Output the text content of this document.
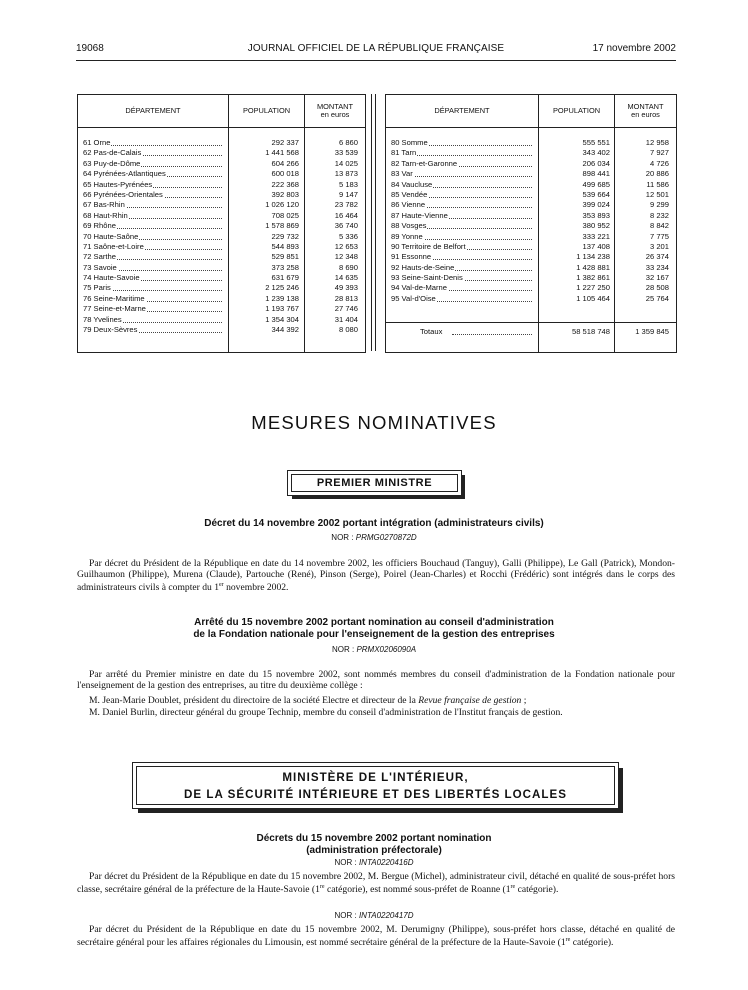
19068	JOURNAL OFFICIEL DE LA RÉPUBLIQUE FRANÇAISE	17 novembre 2002
DÉPARTEMENT	POPULATION	MONTANT
en euros
61 Orne	292 337	6 860
62 Pas-de-Calais	1 441 568	33 539
63 Puy-de-Dôme	604 266	14 025
64 Pyrénées-Atlantiques	600 018	13 873
65 Hautes-Pyrénées	222 368	5 183
66 Pyrénées-Orientales	392 803	9 147
67 Bas-Rhin	1 026 120	23 782
68 Haut-Rhin	708 025	16 464
69 Rhône	1 578 869	36 740
70 Haute-Saône	229 732	5 336
71 Saône-et-Loire	544 893	12 653
72 Sarthe	529 851	12 348
73 Savoie	373 258	8 690
74 Haute-Savoie	631 679	14 635
75 Paris	2 125 246	49 393
76 Seine-Maritime	1 239 138	28 813
77 Seine-et-Marne	1 193 767	27 746
78 Yvelines	1 354 304	31 404
79 Deux-Sèvres	344 392	8 080
DÉPARTEMENT	POPULATION	MONTANT
en euros
80 Somme	555 551	12 958
81 Tarn	343 402	7 927
82 Tarn-et-Garonne	206 034	4 726
83 Var	898 441	20 886
84 Vaucluse	499 685	11 586
85 Vendée	539 664	12 501
86 Vienne	399 024	9 299
87 Haute-Vienne	353 893	8 232
88 Vosges	380 952	8 842
89 Yonne	333 221	7 775
90 Territoire de Belfort	137 408	3 201
91 Essonne	1 134 238	26 374
92 Hauts-de-Seine	1 428 881	33 234
93 Seine-Saint-Denis	1 382 861	32 167
94 Val-de-Marne	1 227 250	28 508
95 Val-d'Oise	1 105 464	25 764
Totaux	58 518 748	1 359 845
MESURES NOMINATIVES
PREMIER MINISTRE
Décret du 14 novembre 2002 portant intégration (administrateurs civils)
NOR : PRMG0270872D
Par décret du Président de la République en date du 14 novembre 2002, les officiers Bouchaud (Tanguy), Galli (Philippe), Le Gall (Patrick), Mondon-Guilhaumon (Philippe), Murena (Claude), Partouche (René), Pinson (Serge), Poirel (Jean-Charles) et Rocchi (Frédéric) sont intégrés dans le corps des administrateurs civils à compter du 1er novembre 2002.
Arrêté du 15 novembre 2002 portant nomination au conseil d'administration
de la Fondation nationale pour l'enseignement de la gestion des entreprises
NOR : PRMX0206090A
Par arrêté du Premier ministre en date du 15 novembre 2002, sont nommés membres du conseil d'administration de la Fondation nationale pour l'enseignement de la gestion des entreprises, au titre du deuxième collège :
M. Jean-Marie Doublet, président du directoire de la société Electre et directeur de la Revue française de gestion ;
M. Daniel Burlin, directeur général du groupe Technip, membre du conseil d'administration de l'Institut français de gestion.
MINISTÈRE DE L'INTÉRIEUR,
DE LA SÉCURITÉ INTÉRIEURE ET DES LIBERTÉS LOCALES
Décrets du 15 novembre 2002 portant nomination
(administration préfectorale)
NOR : INTA0220416D
Par décret du Président de la République en date du 15 novembre 2002, M. Bergue (Michel), administrateur civil, détaché en qualité de sous-préfet hors classe, secrétaire général de la préfecture de la Haute-Savoie (1re catégorie), est nommé sous-préfet de Roanne (1re catégorie).
NOR : INTA0220417D
Par décret du Président de la République en date du 15 novembre 2002, M. Derumigny (Philippe), sous-préfet hors classe, détaché en qualité de secrétaire général pour les affaires régionales du Limousin, est nommé secrétaire général de la préfecture de la Haute-Savoie (1re catégorie).
